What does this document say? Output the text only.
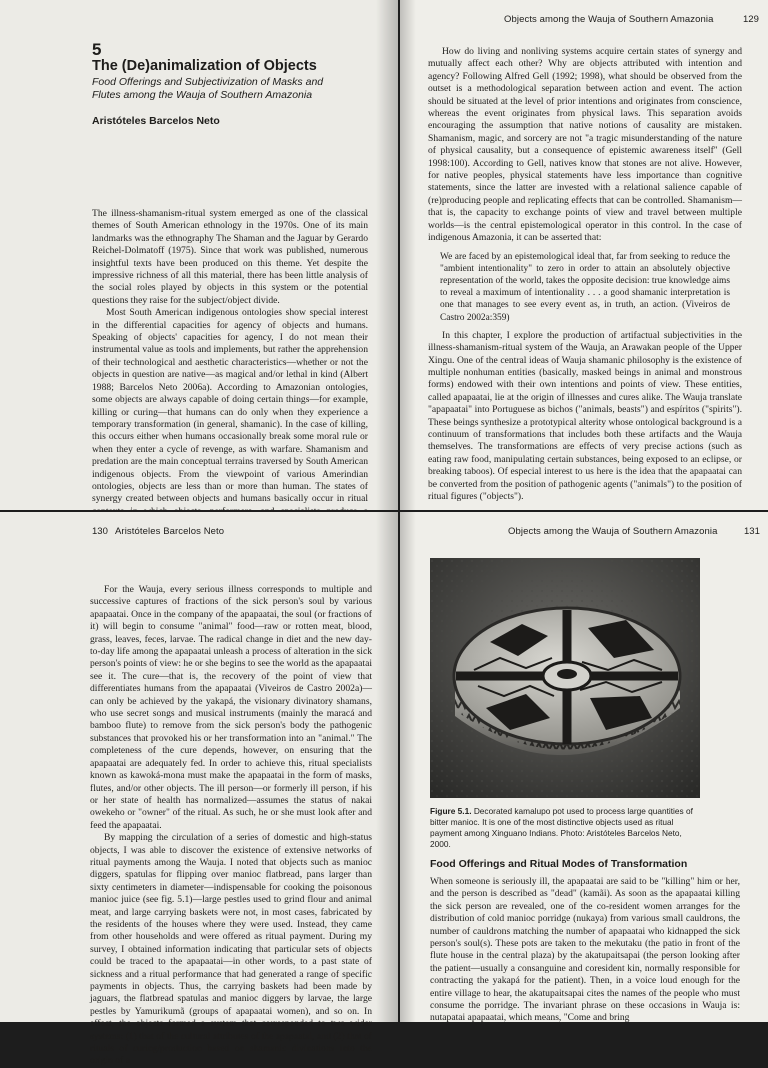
5
The (De)animalization of Objects
Food Offerings and Subjectivization of Masks and Flutes among the Wauja of Southern Amazonia
Aristóteles Barcelos Neto

The illness-shamanism-ritual system emerged as one of the classical themes of South American ethnology in the 1970s. One of its main landmarks was the ethnography The Shaman and the Jaguar by Gerardo Reichel-Dolmatoff (1975). Since that work was published, numerous insightful texts have been produced on this theme. Yet despite the impressive richness of all this material, there has been little analysis of the social roles played by objects in this system or the potential questions they raise for the subject/object divide.

Most South American indigenous ontologies show special interest in the differential capacities for agency of objects and humans. Speaking of objects' capacities for agency, I do not mean their instrumental value as tools and implements, but rather the apprehension of their technological and aesthetic characteristics—whether or not the objects in question are native—as magical and/or lethal in kind (Albert 1988; Barcelos Neto 2006a). According to Amazonian ontologies, some objects are always capable of doing certain things—for example, killing or curing—that humans can do only when they experience a temporary transformation (in general, shamanic). In the case of killing, this occurs either when humans occasionally break some moral rule or when they enter a cycle of revenge, as with warfare. Shamanism and predation are the main conceptual terrains traversed by South American indigenous objects. From the viewpoint of various Amerindian ontologies, objects are less than or more than human. The states of synergy created between objects and humans basically occur in ritual

Objects among the Wauja of Southern Amazonia	129

How do living and nonliving systems acquire certain states of synergy and mutually affect each other? Why are objects attributed with intention and agency? Following Alfred Gell (1992; 1998), what should be observed from the outset is a methodological separation between action and event. The action should be situated at the level of prior intentions and originates from conscience, whereas the event originates from physical laws. This separation avoids encouraging the assumption that native notions of causality are mistaken. Shamanism, magic, and sorcery are not "a tragic misunderstanding of the nature of physical causality, but a consequence of epistemic awareness itself" (Gell 1998:100). According to Gell, natives know that stones are not alive. However, for native peoples, physical statements have less importance than cognitive statements, since the latter are invested with a relational salience capable of (re)producing people and replicating effects that can be controlled. Shamanism—that is, the capacity to exchange points of view and travel between multiple worlds—is the central epistemological operator in this control. In the case of indigenous Amazonia, it can be asserted that:

We are faced by an epistemological ideal that, far from seeking to reduce the "ambient intentionality" to zero in order to attain an absolutely objective representation of the world, takes the opposite decision: true knowledge aims to reveal a maximum of intentionality . . . a good shamanic interpretation is one that manages to see every event as, in truth, an action. (Viveiros de Castro 2002a:359)

In this chapter, I explore the production of artifactual subjectivities in the illness-shamanism-ritual system of the Wauja, an Arawakan people of the Upper Xingu. One of the central ideas of Wauja shamanic philosophy is the existence of multiple nonhuman entities (basically, masked beings in animal and monstrous forms) endowed with their own intentions and points of view. These entities, called apapaatai, lie at the origin of illnesses and cures alike. The Wauja translate "apapaatai" into Portuguese as bichos ("animals, beasts") and espíritos ("spirits"). These beings synthesize a prototypical alterity whose ontological background is a continuum of transformations that includes both these artifacts and the Wauja themselves. The transformations are effects of very precise actions (such as eating raw food, manipulating certain substances, being exposed to an eclipse, or breaking taboos). Of especial interest to us here is the idea that the apapaatai can be converted from the position of pathogenic agents ("animals") to the position of ritual figures ("objects").

130 Aristóteles Barcelos Neto

For the Wauja, every serious illness corresponds to multiple and successive captures of fractions of the sick person's soul by various apapaatai. Once in the company of the apapaatai, the soul (or fractions of it) will begin to consume "animal" food—raw or rotten meat, blood, grass, leaves, feces, larvae. The radical change in diet and the new day-to-day life among the apapaatai unleash a process of alteration in the sick person's points of view: he or she begins to see the world as the apapaatai see it. The cure—that is, the recovery of the point of view that differentiates humans from the apapaatai (Viveiros de Castro 2002a)—can only be achieved by the yakapá, the visionary divinatory shamans, who use secret songs and musical instruments (mainly the maracá and bamboo flute) to remove from the sick person's body the pathogenic substances that provoked his or her transformation into an "animal." The completeness of the cure depends, however, on ensuring that the apapaatai are adequately fed. In order to achieve this, ritual specialists known as kawoká-mona must make the apapaatai in the form of masks, flutes, and/or other objects. The ill person—or formerly ill person, if his or her state of health has normalized—assumes the status of nakai owekeho or "owner" of the ritual. As such, he or she must look after and feed the apapaatai.

By mapping the circulation of a series of domestic and high-status objects, I was able to discover the existence of extensive networks of ritual payments among the Wauja. I noted that objects such as manioc diggers, spatulas for flipping over manioc flatbread, pans larger than sixty centimeters in diameter—indispensable for cooking the poisonous manioc juice (see fig. 5.1)—large pestles used to grind flour and animal meat, and large carrying baskets were not, in most cases, fabricated by the residents of the houses where they were used. Instead, they came from other households and were offered as ritual payment. During my survey, I obtained information indicating that particular sets of objects could be traced to the apapaatai—in other words, to a past state of sickness and a ritual performance that had generated a range of specific payments in objects. Thus, the carrying baskets had been made by jaguars, the flatbread spatulas and manioc diggers by larvae, the large pestles by Yamurikumã (groups of apapaatai women), and so on. In effect, the objects formed a system that corresponded to two wider systems: (1) that of the cultural attributes of the apapaatai, and (2) that of rituals of curing/production based on shamanic divinations into the origin of a

Objects among the Wauja of Southern Amazonia	131
Figure 5.1. Decorated kamalupo pot used to process large quantities of bitter manioc. It is one of the most distinctive objects used as ritual payment among Xinguano Indians. Photo: Aristóteles Barcelos Neto, 2000.
Food Offerings and Ritual Modes of Transformation

When someone is seriously ill, the apapaatai are said to be "killing" him or her, and the person is described as "dead" (kamãi). As soon as the apapaatai killing the sick person are revealed, one of the co-resident women arranges for the distribution of cold manioc porridge (nukaya) from various small cauldrons, the number of cauldrons matching the number of apapaatai who kidnapped the sick person's soul(s). These pots are taken to the mekutaku (the patio in front of the flute house in the central plaza) by the akatupaitsapai (the person looking after the patient—usually a consanguine and coresident kin, normally responsible for contracting the yakapá for the patient). Then, in a voice loud enough for the entire village to hear, the akatupaitsapai cites the names of the people who must consume the porridge. The invariant phrase on these occasions in Wauja is: nutapatai apapaatai, which means, "Come and bring
